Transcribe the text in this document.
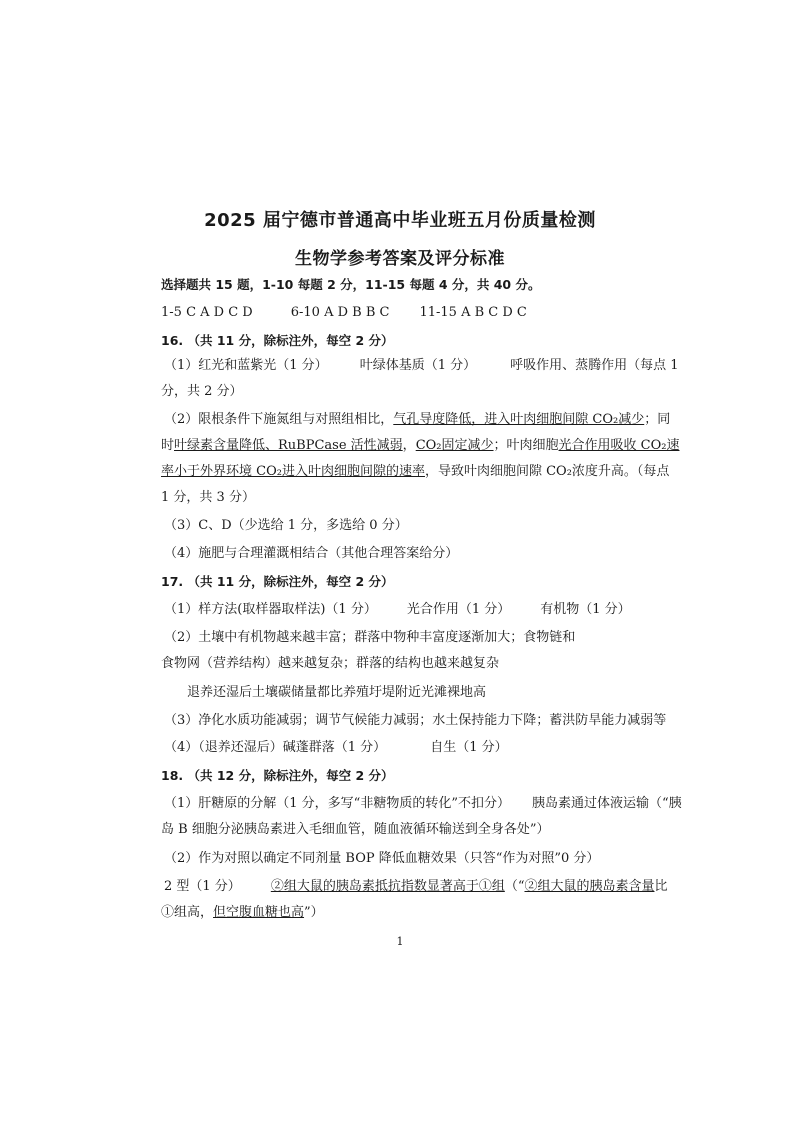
2025 届宁德市普通高中毕业班五月份质量检测
生物学参考答案及评分标准
选择题共 15 题，1-10 每题 2 分，11-15 每题 4 分，共 40 分。
1-5 C A D C D	6-10 A D B B C 11-15 A B C D C
16. （共 11 分，除标注外，每空 2 分）
（1）红光和蓝紫光（1 分） 叶绿体基质（1 分）	呼吸作用、蒸腾作用（每点 1
分，共 2 分）
（2）限根条件下施氮组与对照组相比，气孔导度降低，进入叶肉细胞间隙 CO₂减少；同
时叶绿素含量降低、RuBPCase 活性减弱，CO₂固定减少；叶肉细胞光合作用吸收 CO₂速
率小于外界环境 CO₂进入叶肉细胞间隙的速率，导致叶肉细胞间隙 CO₂浓度升高。（每点
1 分，共 3 分）
（3）C、D（少选给 1 分，多选给 0 分）
（4）施肥与合理灌溉相结合（其他合理答案给分）
17. （共 11 分，除标注外，每空 2 分）
（1）样方法(取样器取样法)（1 分） 光合作用（1 分） 有机物（1 分）
（2）土壤中有机物越来越丰富；群落中物种丰富度逐渐加大；食物链和
食物网（营养结构）越来越复杂；群落的结构也越来越复杂
退养还湿后土壤碳储量都比养殖圩堤附近光滩裸地高
（3）净化水质功能减弱；调节气候能力减弱；水土保持能力下降；蓄洪防旱能力减弱等
（4）（退养还湿后）碱蓬群落（1 分）	自生（1 分）
18. （共 12 分，除标注外，每空 2 分）
（1）肝糖原的分解（1 分，多写“非糖物质的转化”不扣分） 胰岛素通过体液运输（“胰
岛 B 细胞分泌胰岛素进入毛细血管，随血液循环输送到全身各处”）
（2）作为对照以确定不同剂量 BOP 降低血糖效果（只答“作为对照”0 分）
2 型（1 分） ②组大鼠的胰岛素抵抗指数显著高于①组（“②组大鼠的胰岛素含量比
①组高，但空腹血糖也高”）
1
